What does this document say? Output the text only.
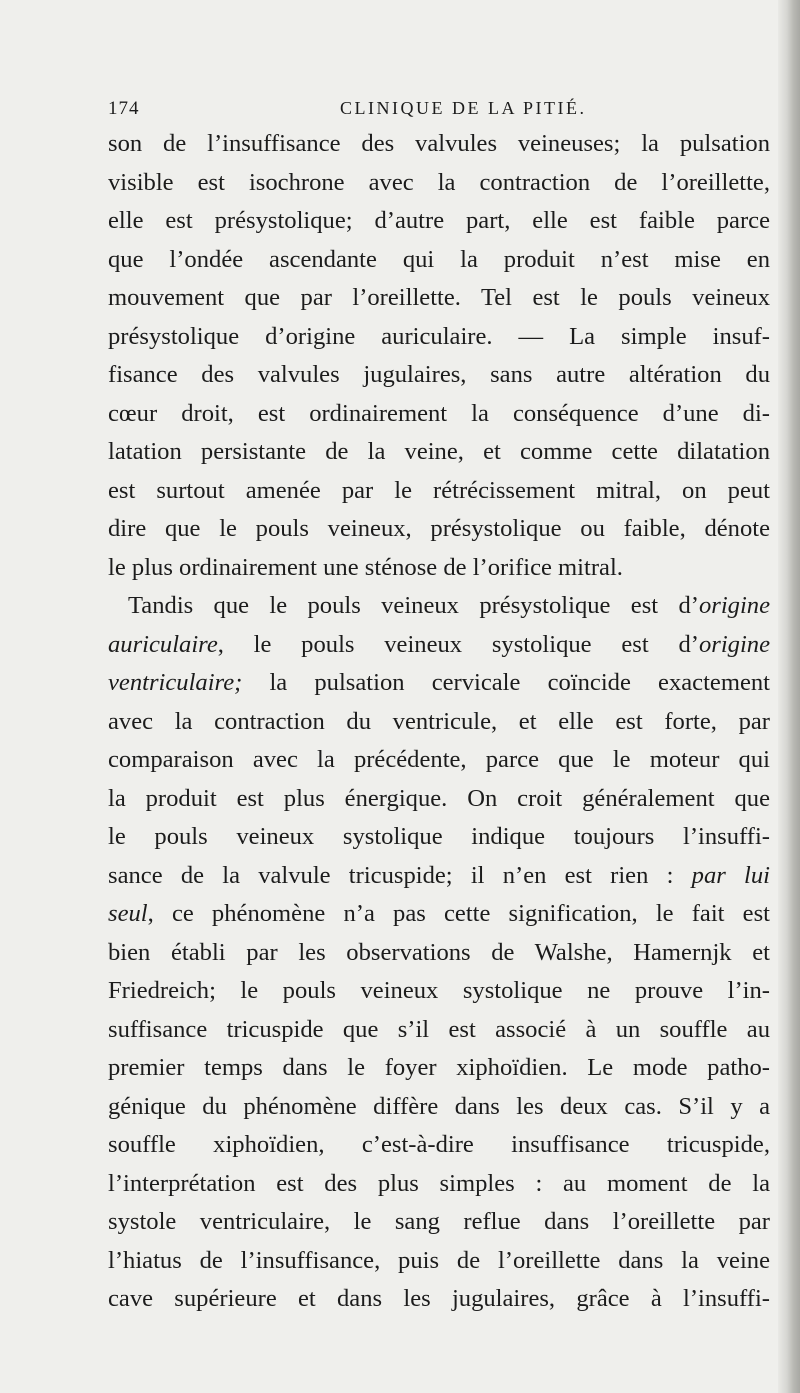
174	CLINIQUE DE LA PITIÉ.
son de l’insuffisance des valvules veineuses; la pulsation
visible est isochrone avec la contraction de l’oreillette,
elle est présystolique; d’autre part, elle est faible parce
que l’ondée ascendante qui la produit n’est mise en
mouvement que par l’oreillette. Tel est le pouls veineux
présystolique d’origine auriculaire. — La simple insuf-
fisance des valvules jugulaires, sans autre altération du
cœur droit, est ordinairement la conséquence d’une di-
latation persistante de la veine, et comme cette dilatation
est surtout amenée par le rétrécissement mitral, on peut
dire que le pouls veineux, présystolique ou faible, dénote
le plus ordinairement une sténose de l’orifice mitral.
Tandis que le pouls veineux présystolique est d’origine
auriculaire, le pouls veineux systolique est d’origine
ventriculaire; la pulsation cervicale coïncide exactement
avec la contraction du ventricule, et elle est forte, par
comparaison avec la précédente, parce que le moteur qui
la produit est plus énergique. On croit généralement que
le pouls veineux systolique indique toujours l’insuffi-
sance de la valvule tricuspide; il n’en est rien : par lui
seul, ce phénomène n’a pas cette signification, le fait est
bien établi par les observations de Walshe, Hamernjk et
Friedreich; le pouls veineux systolique ne prouve l’in-
suffisance tricuspide que s’il est associé à un souffle au
premier temps dans le foyer xiphoïdien. Le mode patho-
génique du phénomène diffère dans les deux cas. S’il y a
souffle xiphoïdien, c’est-à-dire insuffisance tricuspide,
l’interprétation est des plus simples : au moment de la
systole ventriculaire, le sang reflue dans l’oreillette par
l’hiatus de l’insuffisance, puis de l’oreillette dans la veine
cave supérieure et dans les jugulaires, grâce à l’insuffi-
